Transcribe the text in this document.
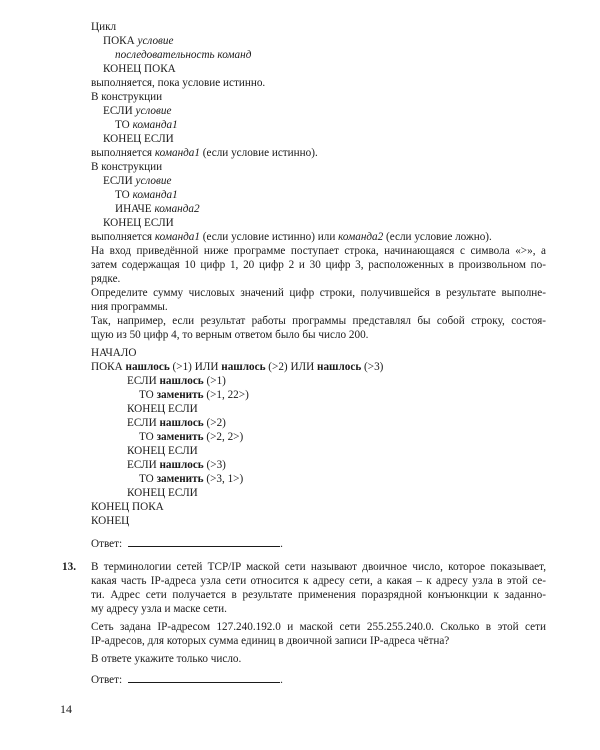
Цикл
ПОКА условие
последовательность команд
КОНЕЦ ПОКА
выполняется, пока условие истинно.
В конструкции
ЕСЛИ условие
ТО команда1
КОНЕЦ ЕСЛИ
выполняется команда1 (если условие истинно).
В конструкции
ЕСЛИ условие
ТО команда1
ИНАЧЕ команда2
КОНЕЦ ЕСЛИ
выполняется команда1 (если условие истинно) или команда2 (если условие ложно).
На вход приведённой ниже программе поступает строка, начинающаяся с символа «>», а
затем содержащая 10 цифр 1, 20 цифр 2 и 30 цифр 3, расположенных в произвольном по-
рядке.
Определите сумму числовых значений цифр строки, получившейся в результате выполне-
ния программы.
Так, например, если результат работы программы представлял бы собой строку, состоя-
щую из 50 цифр 4, то верным ответом было бы число 200.
НАЧАЛО
ПОКА нашлось (>1) ИЛИ нашлось (>2) ИЛИ нашлось (>3)
ЕСЛИ нашлось (>1)
ТО заменить (>1, 22>)
КОНЕЦ ЕСЛИ
ЕСЛИ нашлось (>2)
ТО заменить (>2, 2>)
КОНЕЦ ЕСЛИ
ЕСЛИ нашлось (>3)
ТО заменить (>3, 1>)
КОНЕЦ ЕСЛИ
КОНЕЦ ПОКА
КОНЕЦ
Ответ:	.
13. В терминологии сетей TCP/IP маской сети называют двоичное число, которое показывает,
какая часть IP-адреса узла сети относится к адресу сети, а какая – к адресу узла в этой се-
ти. Адрес сети получается в результате применения поразрядной конъюнкции к заданно-
му адресу узла и маске сети.
Сеть задана IP-адресом 127.240.192.0 и маской сети 255.255.240.0. Сколько в этой сети
IP-адресов, для которых сумма единиц в двоичной записи IP-адреса чётна?
В ответе укажите только число.
Ответ:	.
14
